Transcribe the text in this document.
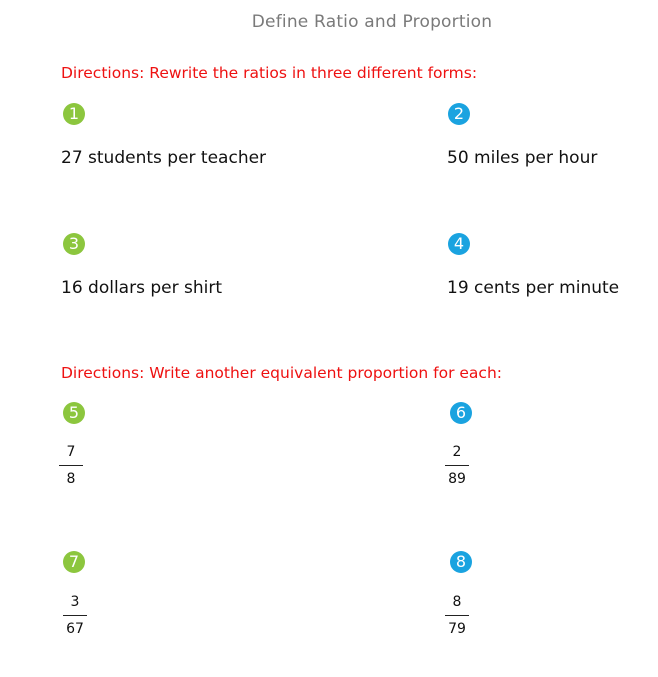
Define Ratio and Proportion
Directions: Rewrite the ratios in three different forms:
1
27 students per teacher
2
50 miles per hour
3
16 dollars per shirt
4
19 cents per minute
Directions: Write another equivalent proportion for each:
5
7
8
6
2
89
7
3
67
8
8
79
